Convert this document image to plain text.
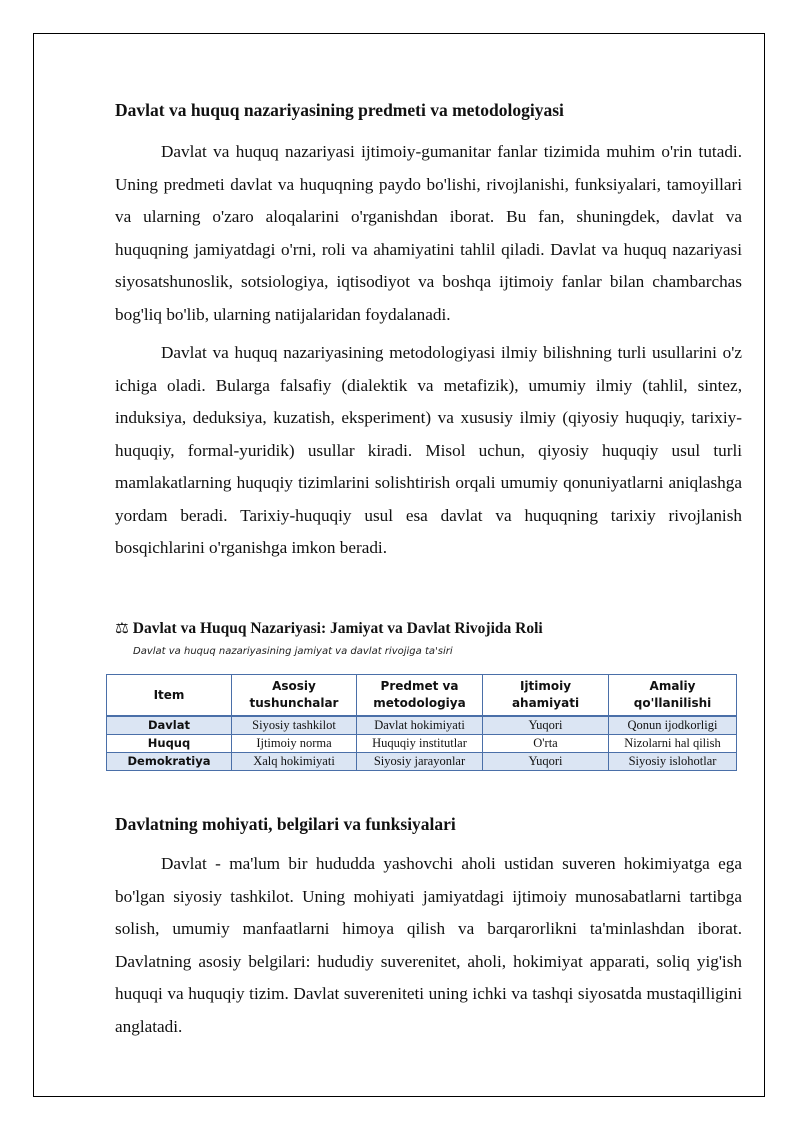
Davlat va huquq nazariyasining predmeti va metodologiyasi

Davlat va huquq nazariyasi ijtimoiy-gumanitar fanlar tizimida muhim o'rin tutadi. Uning predmeti davlat va huquqning paydo bo'lishi, rivojlanishi, funksiyalari, tamoyillari va ularning o'zaro aloqalarini o'rganishdan iborat. Bu fan, shuningdek, davlat va huquqning jamiyatdagi o'rni, roli va ahamiyatini tahlil qiladi. Davlat va huquq nazariyasi siyosatshunoslik, sotsiologiya, iqtisodiyot va boshqa ijtimoiy fanlar bilan chambarchas bog'liq bo'lib, ularning natijalaridan foydalanadi.

Davlat va huquq nazariyasining metodologiyasi ilmiy bilishning turli usullarini o'z ichiga oladi. Bularga falsafiy (dialektik va metafizik), umumiy ilmiy (tahlil, sintez, induksiya, deduksiya, kuzatish, eksperiment) va xususiy ilmiy (qiyosiy huquqiy, tarixiy-huquqiy, formal-yuridik) usullar kiradi. Misol uchun, qiyosiy huquqiy usul turli mamlakatlarning huquqiy tizimlarini solishtirish orqali umumiy qonuniyatlarni aniqlashga yordam beradi. Tarixiy-huquqiy usul esa davlat va huquqning tarixiy rivojlanish bosqichlarini o'rganishga imkon beradi.

⚖ Davlat va Huquq Nazariyasi: Jamiyat va Davlat Rivojida Roli
Davlat va huquq nazariyasining jamiyat va davlat rivojiga ta'siri
Item	Asosiy tushunchalar	Predmet va metodologiya	Ijtimoiy ahamiyati	Amaliy qo'llanilishi
Davlat	Siyosiy tashkilot	Davlat hokimiyati	Yuqori	Qonun ijodkorligi
Huquq	Ijtimoiy norma	Huquqiy institutlar	O'rta	Nizolarni hal qilish
Demokratiya	Xalq hokimiyati	Siyosiy jarayonlar	Yuqori	Siyosiy islohotlar
Davlatning mohiyati, belgilari va funksiyalari

Davlat - ma'lum bir hududda yashovchi aholi ustidan suveren hokimiyatga ega bo'lgan siyosiy tashkilot. Uning mohiyati jamiyatdagi ijtimoiy munosabatlarni tartibga solish, umumiy manfaatlarni himoya qilish va barqarorlikni ta'minlashdan iborat. Davlatning asosiy belgilari: hududiy suverenitet, aholi, hokimiyat apparati, soliq yig'ish huquqi va huquqiy tizim. Davlat suvereniteti uning ichki va tashqi siyosatda mustaqilligini anglatadi.
